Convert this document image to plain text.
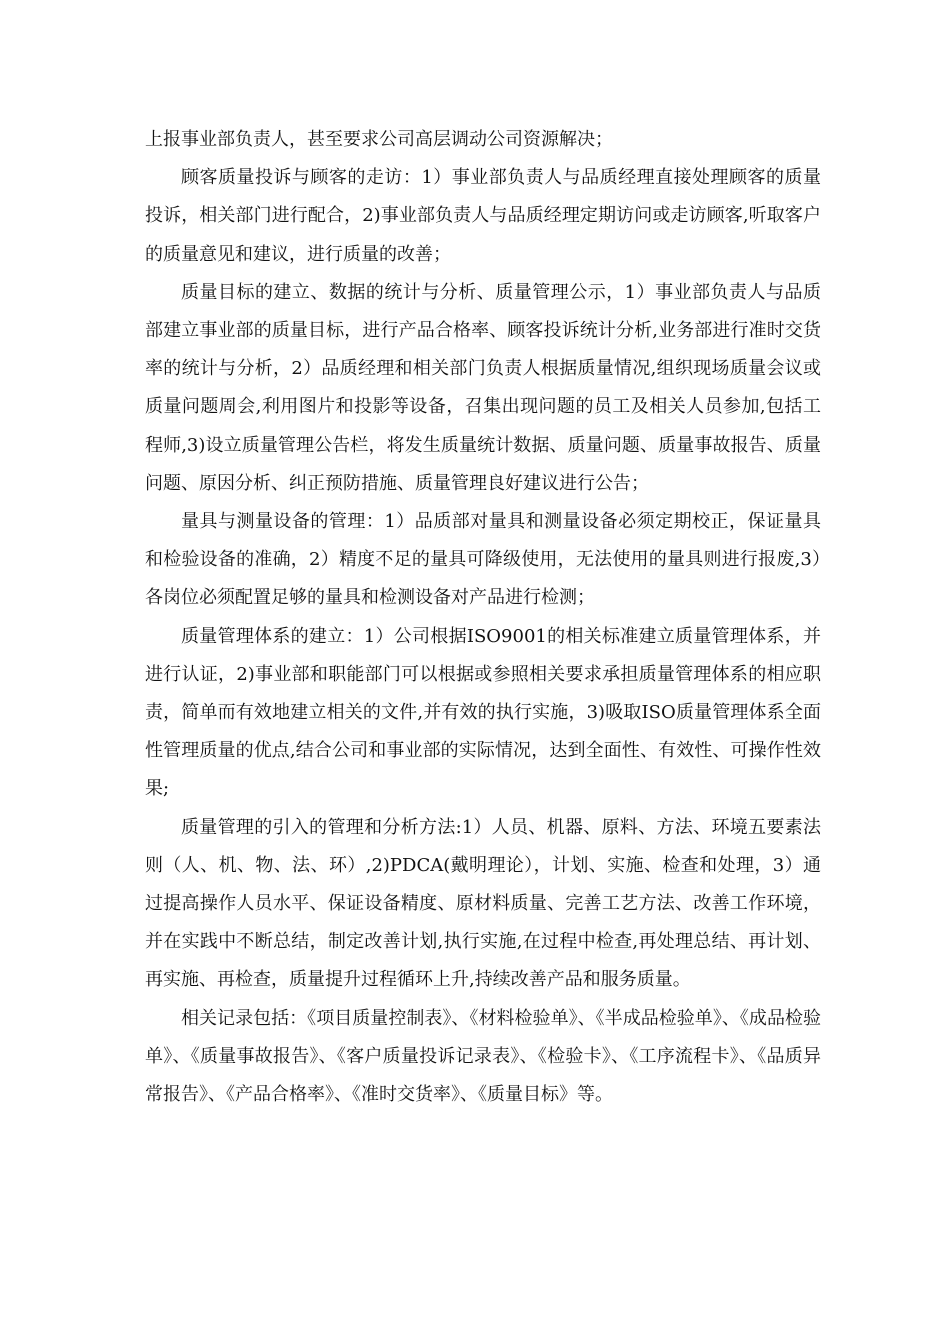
上报事业部负责人，甚至要求公司高层调动公司资源解决；

顾客质量投诉与顾客的走访：1）事业部负责人与品质经理直接处理顾客的质量投诉，相关部门进行配合，2)事业部负责人与品质经理定期访问或走访顾客,听取客户的质量意见和建议，进行质量的改善；

质量目标的建立、数据的统计与分析、质量管理公示，1）事业部负责人与品质部建立事业部的质量目标，进行产品合格率、顾客投诉统计分析,业务部进行准时交货率的统计与分析，2）品质经理和相关部门负责人根据质量情况,组织现场质量会议或质量问题周会,利用图片和投影等设备，召集出现问题的员工及相关人员参加,包括工程师,3)设立质量管理公告栏，将发生质量统计数据、质量问题、质量事故报告、质量问题、原因分析、纠正预防措施、质量管理良好建议进行公告；

量具与测量设备的管理：1）品质部对量具和测量设备必须定期校正，保证量具和检验设备的准确，2）精度不足的量具可降级使用，无法使用的量具则进行报废,3）各岗位必须配置足够的量具和检测设备对产品进行检测；

质量管理体系的建立：1）公司根据ISO9001的相关标准建立质量管理体系，并进行认证，2)事业部和职能部门可以根据或参照相关要求承担质量管理体系的相应职责，简单而有效地建立相关的文件,并有效的执行实施，3)吸取ISO质量管理体系全面性管理质量的优点,结合公司和事业部的实际情况，达到全面性、有效性、可操作性效果;

质量管理的引入的管理和分析方法:1）人员、机器、原料、方法、环境五要素法则（人、机、物、法、环）,2)PDCA(戴明理论），计划、实施、检查和处理，3）通过提高操作人员水平、保证设备精度、原材料质量、完善工艺方法、改善工作环境，并在实践中不断总结，制定改善计划,执行实施,在过程中检查,再处理总结、再计划、再实施、再检查，质量提升过程循环上升,持续改善产品和服务质量。

相关记录包括：《项目质量控制表》、《材料检验单》、《半成品检验单》、《成品检验单》、《质量事故报告》、《客户质量投诉记录表》、《检验卡》、《工序流程卡》、《品质异常报告》、《产品合格率》、《准时交货率》、《质量目标》等。
